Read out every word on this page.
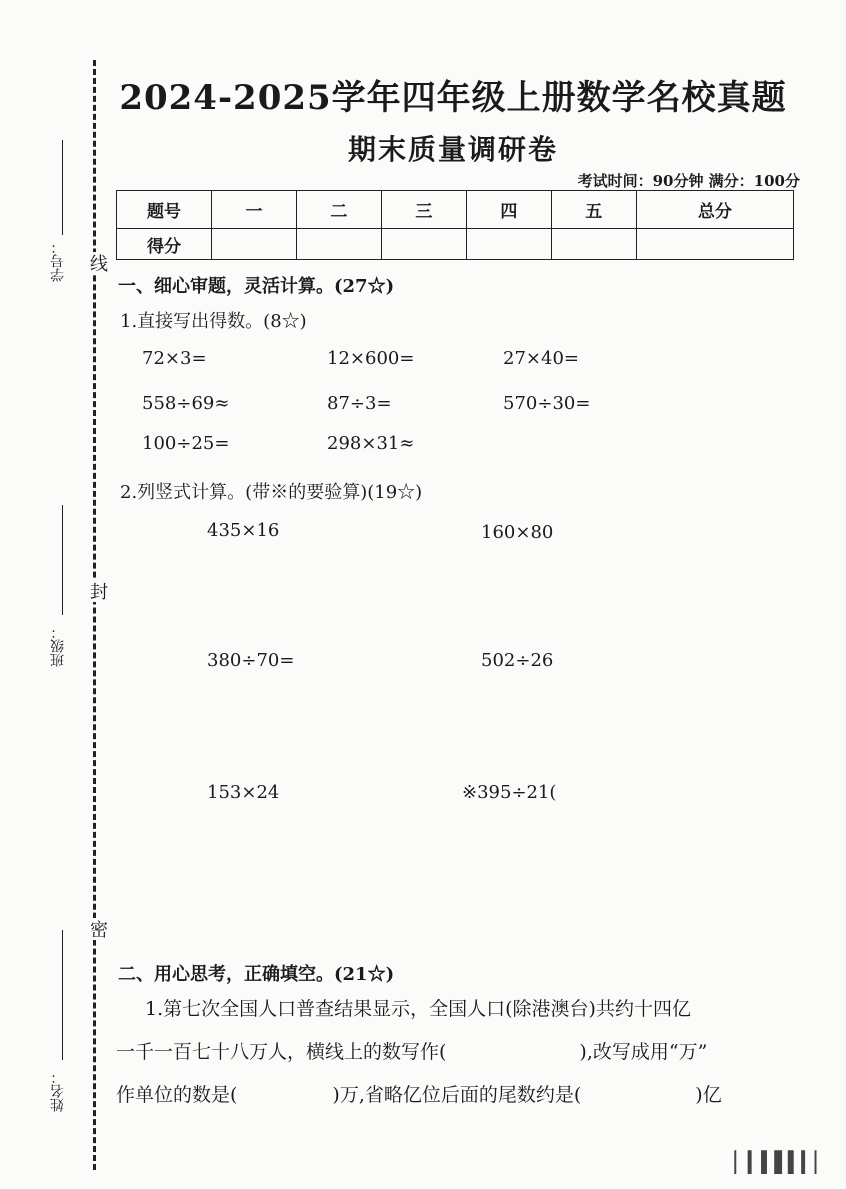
线
封
密
学号：
班级：
姓名：
2024-2025学年四年级上册数学名校真题
期末质量调研卷
考试时间：90分钟 满分：100分
题号	一	二	三	四	五	总分
得分						
一、细心审题，灵活计算。(27☆)
1.直接写出得数。(8☆)
72×3=	12×600=	27×40=
558÷69≈	87÷3=	570÷30=
100÷25=	298×31≈
2.列竖式计算。(带※的要验算)(19☆)
435×16	160×80
380÷70=	502÷26
153×24	※395÷21(
二、用心思考，正确填空。(21☆)
1.第七次全国人口普查结果显示，全国人口(除港澳台)共约十四亿
一千一百七十八万人，横线上的数写作(　　　　　　　),改写成用“万”
作单位的数是(　　　　　)万,省略亿位后面的尾数约是(　　　　　　)亿
▏▎▍▌▍▎▏
